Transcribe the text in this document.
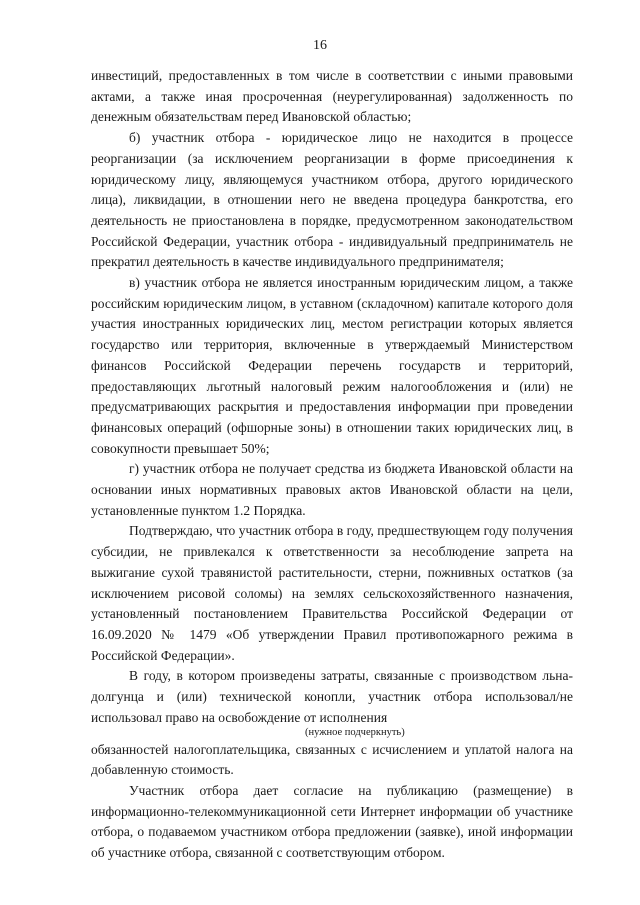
16

инвестиций, предоставленных в том числе в соответствии с иными правовыми актами, а также иная просроченная (неурегулированная) задолженность по денежным обязательствам перед Ивановской областью;

б) участник отбора - юридическое лицо не находится в процессе реорганизации (за исключением реорганизации в форме присоединения к юридическому лицу, являющемуся участником отбора, другого юридического лица), ликвидации, в отношении него не введена процедура банкротства, его деятельность не приостановлена в порядке, предусмотренном законодательством Российской Федерации, участник отбора - индивидуальный предприниматель не прекратил деятельность в качестве индивидуального предпринимателя;

в) участник отбора не является иностранным юридическим лицом, а также российским юридическим лицом, в уставном (складочном) капитале которого доля участия иностранных юридических лиц, местом регистрации которых является государство или территория, включенные в утверждаемый Министерством финансов Российской Федерации перечень государств и территорий, предоставляющих льготный налоговый режим налогообложения и (или) не предусматривающих раскрытия и предоставления информации при проведении финансовых операций (офшорные зоны) в отношении таких юридических лиц, в совокупности превышает 50%;

г) участник отбора не получает средства из бюджета Ивановской области на основании иных нормативных правовых актов Ивановской области на цели, установленные пунктом 1.2 Порядка.

Подтверждаю, что участник отбора в году, предшествующем году получения субсидии, не привлекался к ответственности за несоблюдение запрета на выжигание сухой травянистой растительности, стерни, пожнивных остатков (за исключением рисовой соломы) на землях сельскохозяйственного назначения, установленный постановлением Правительства Российской Федерации от 16.09.2020 № 1479 «Об утверждении Правил противопожарного режима в Российской Федерации».

В году, в котором произведены затраты, связанные с производством льна-долгунца и (или) технической конопли, участник отбора использовал/не использовал право на освобождение от исполнения

(нужное подчеркнуть)

обязанностей налогоплательщика, связанных с исчислением и уплатой налога на добавленную стоимость.

Участник отбора дает согласие на публикацию (размещение) в информационно-телекоммуникационной сети Интернет информации об участнике отбора, о подаваемом участником отбора предложении (заявке), иной информации об участнике отбора, связанной с соответствующим отбором.
